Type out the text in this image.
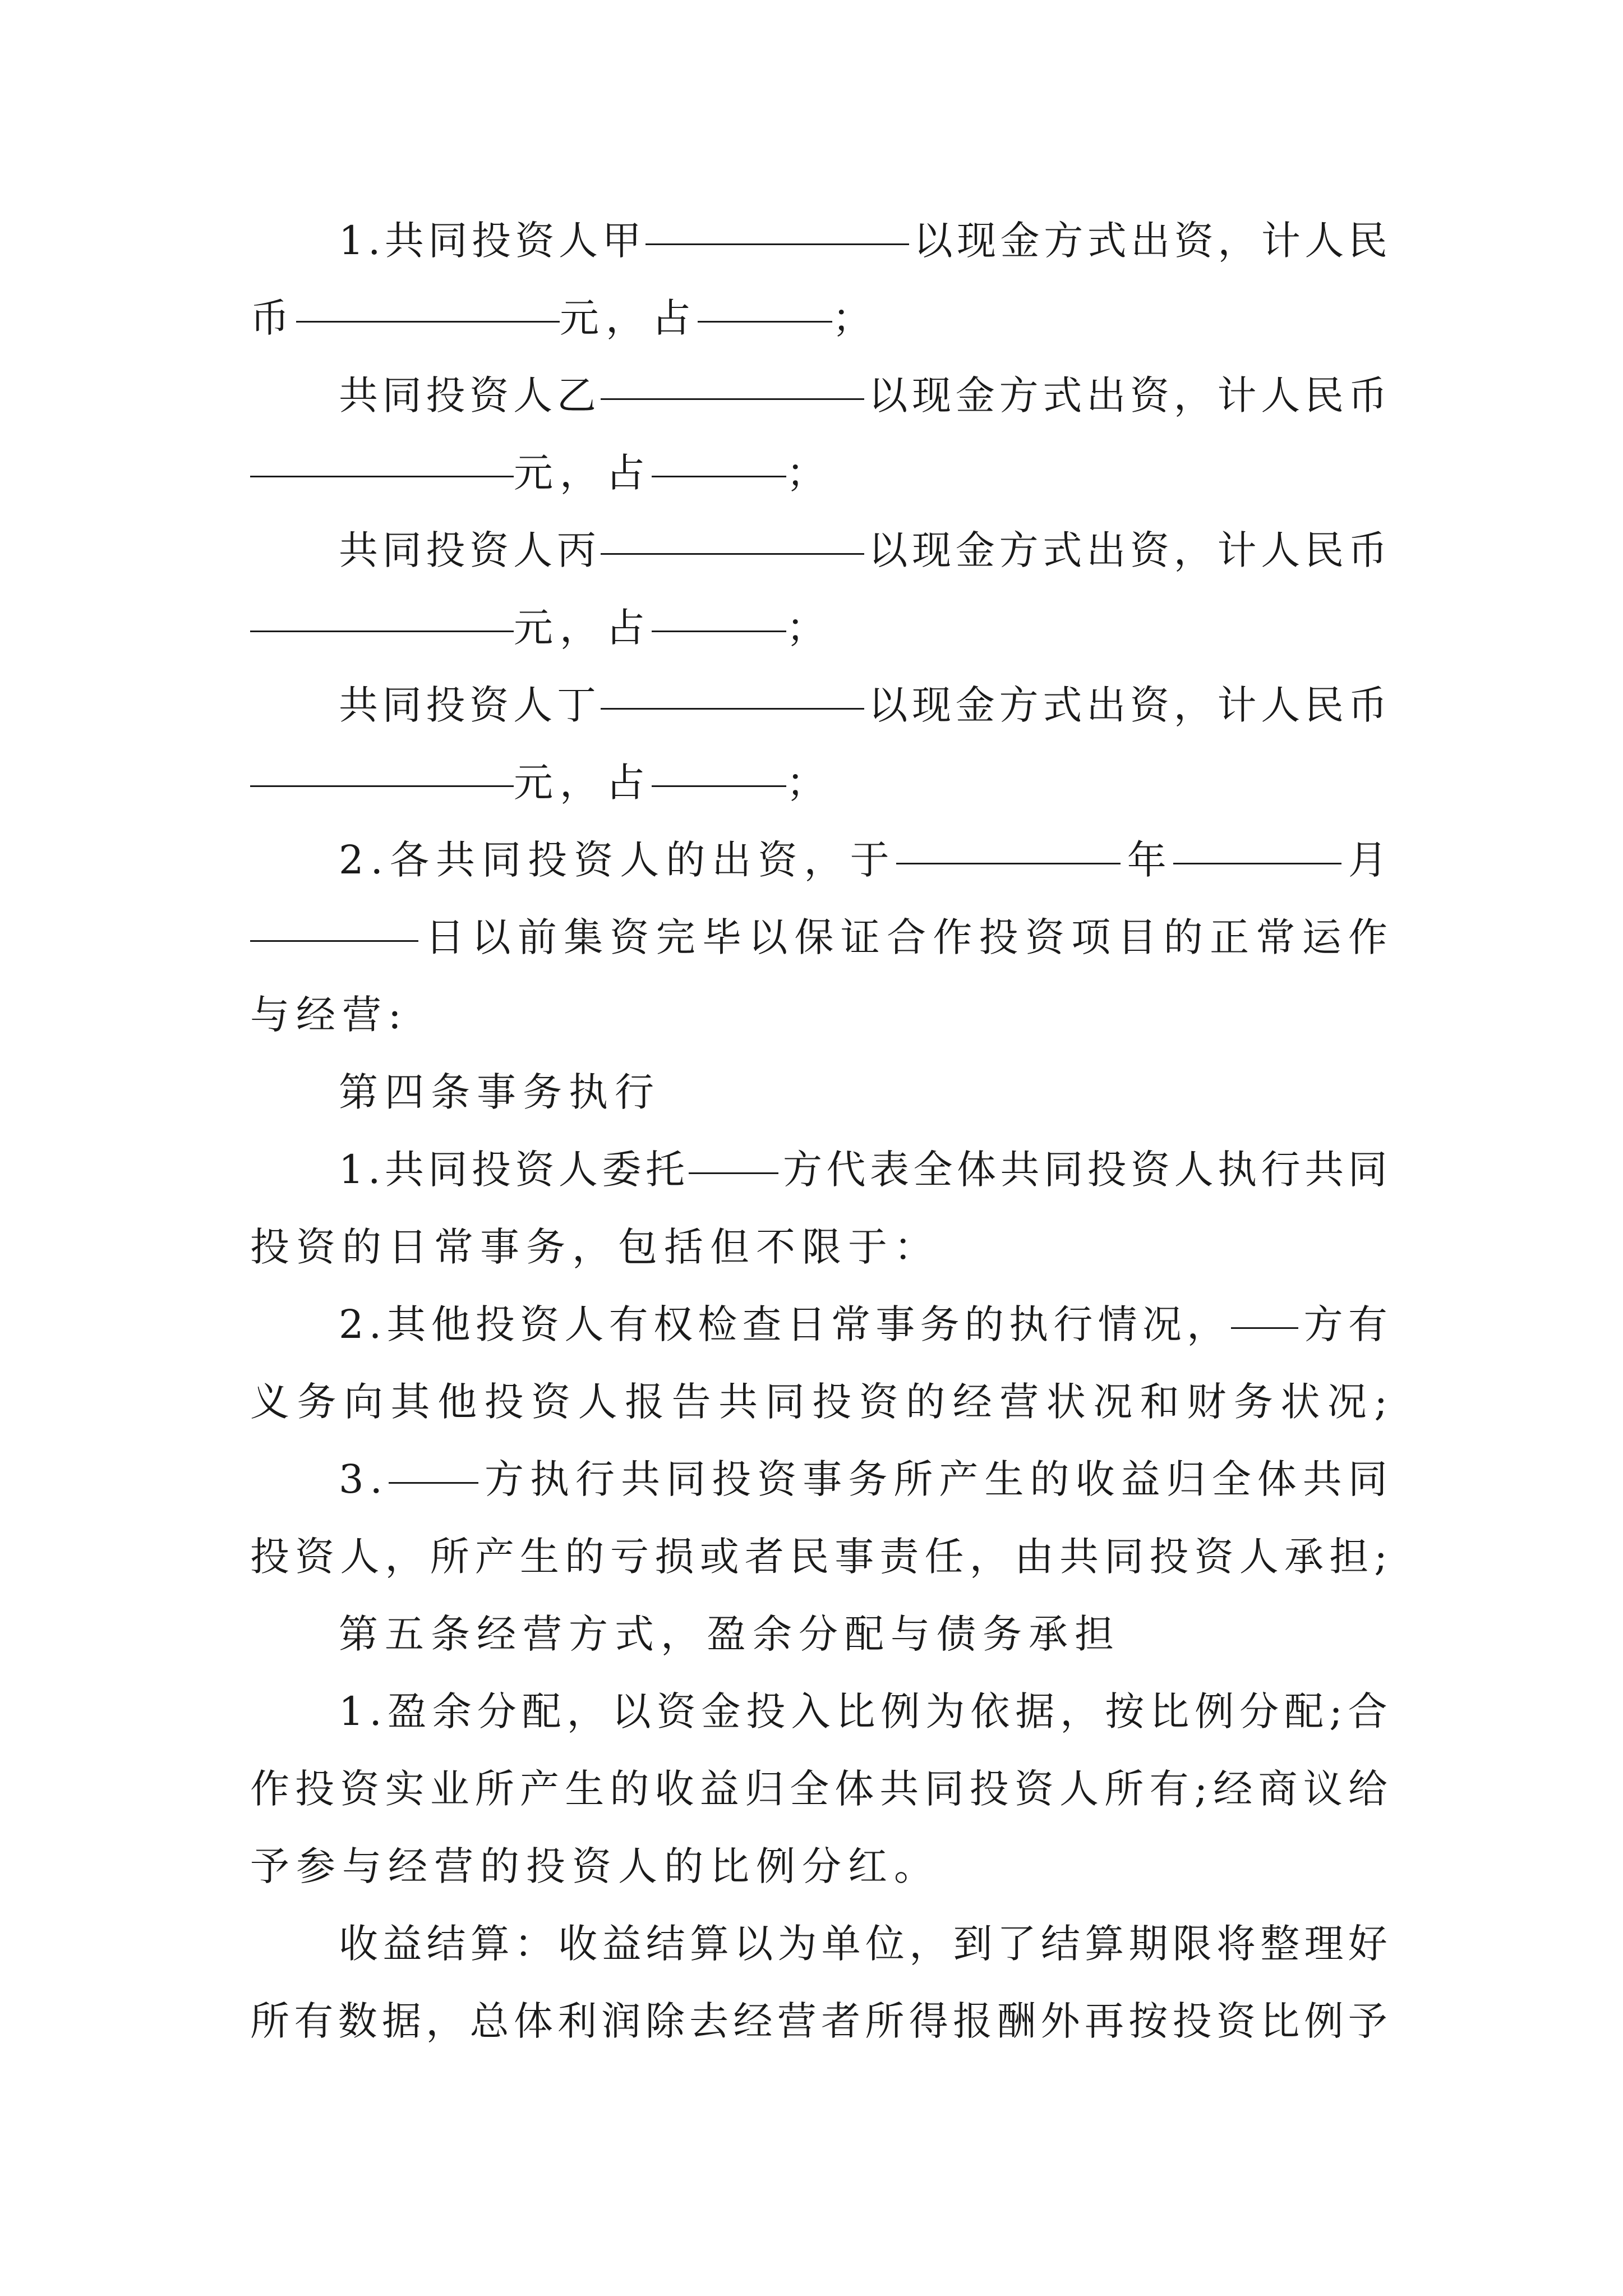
1 . 共 同 投 资 人 甲	以 现 金 方 式 出 资 ， 计 人 民
币	元 ， 占	；
共 同 投 资 人 乙	以 现 金 方 式 出 资 ， 计 人 民 币
元 ， 占	；
共 同 投 资 人 丙	以 现 金 方 式 出 资 ， 计 人 民 币
元 ， 占	；
共 同 投 资 人 丁	以 现 金 方 式 出 资 ， 计 人 民 币
元 ， 占	；
2 . 各 共 同 投 资 人 的 出 资 ， 于	年	月
日 以 前 集 资 完 毕 以 保 证 合 作 投 资 项 目 的 正 常 运 作
与 经 营 :
第 四 条 事 务 执 行
1 . 共 同 投 资 人 委 托	方 代 表 全 体 共 同 投 资 人 执 行 共 同
投 资 的 日 常 事 务 ， 包 括 但 不 限 于 ：
2 . 其 他 投 资 人 有 权 检 查 日 常 事 务 的 执 行 情 况 ， 方 有
义 务 向 其 他 投 资 人 报 告 共 同 投 资 的 经 营 状 况 和 财 务 状 况 ;
3 .	方 执 行 共 同 投 资 事 务 所 产 生 的 收 益 归 全 体 共 同
投 资 人 ， 所 产 生 的 亏 损 或 者 民 事 责 任 ， 由 共 同 投 资 人 承 担 ;
第 五 条 经 营 方 式 ， 盈 余 分 配 与 债 务 承 担
1 . 盈 余 分 配 ， 以 资 金 投 入 比 例 为 依 据 ， 按 比 例 分 配 ; 合
作 投 资 实 业 所 产 生 的 收 益 归 全 体 共 同 投 资 人 所 有 ; 经 商 议 给
予 参 与 经 营 的 投 资 人 的 比 例 分 红 。
收 益 结 算 ： 收 益 结 算 以 为 单 位 ， 到 了 结 算 期 限 将 整 理 好
所 有 数 据 ， 总 体 利 润 除 去 经 营 者 所 得 报 酬 外 再 按 投 资 比 例 予
